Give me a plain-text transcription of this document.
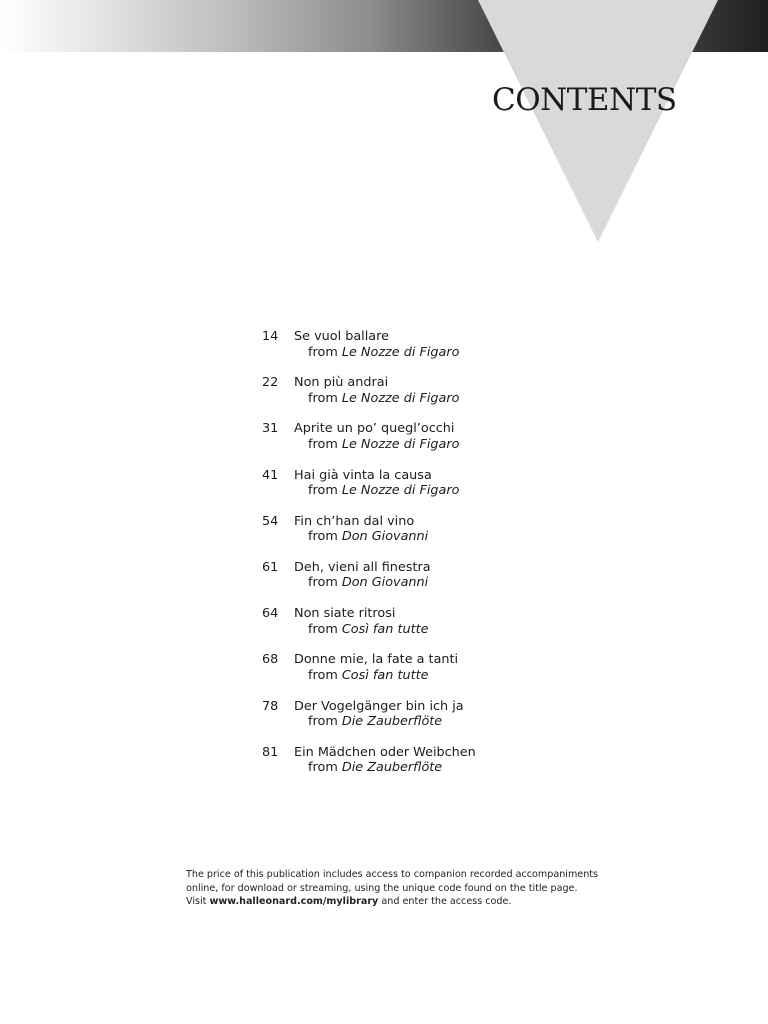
CONTENTS
14	Se vuol ballare
from Le Nozze di Figaro
22	Non più andrai
from Le Nozze di Figaro
31	Aprite un po’ quegl’occhi
from Le Nozze di Figaro
41	Hai già vinta la causa
from Le Nozze di Figaro
54	Fin ch’han dal vino
from Don Giovanni
61	Deh, vieni all finestra
from Don Giovanni
64	Non siate ritrosi
from Così fan tutte
68	Donne mie, la fate a tanti
from Così fan tutte
78	Der Vogelgänger bin ich ja
from Die Zauberflöte
81	Ein Mädchen oder Weibchen
from Die Zauberflöte
The price of this publication includes access to companion recorded accompaniments
online, for download or streaming, using the unique code found on the title page.
Visit www.halleonard.com/mylibrary and enter the access code.
